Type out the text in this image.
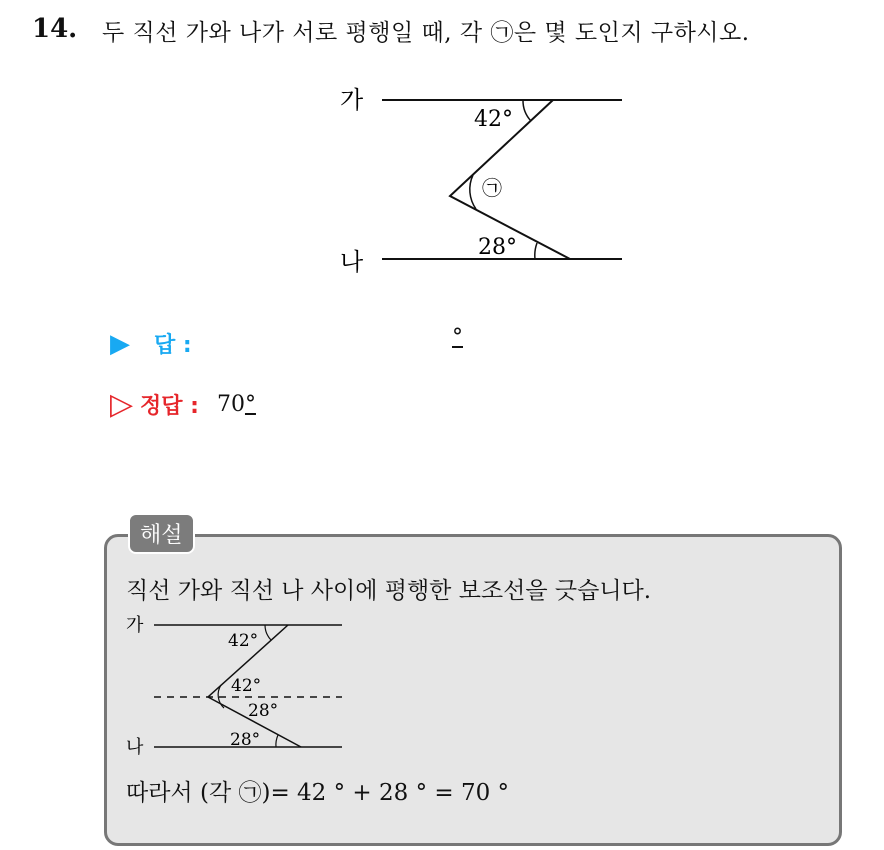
14. 두 직선 가와 나가 서로 평행일 때, 각 ㉠은 몇 도인지 구하시오.
가
나
42°
28°
㉠
▶	답 :	°
▷ 정답 : 70°
해설
직선 가와 직선 나 사이에 평행한 보조선을 긋습니다.
가
나
42°
42°
28°
28°
따라서 (각 ㉠)= 42 ° + 28 ° = 70 °
